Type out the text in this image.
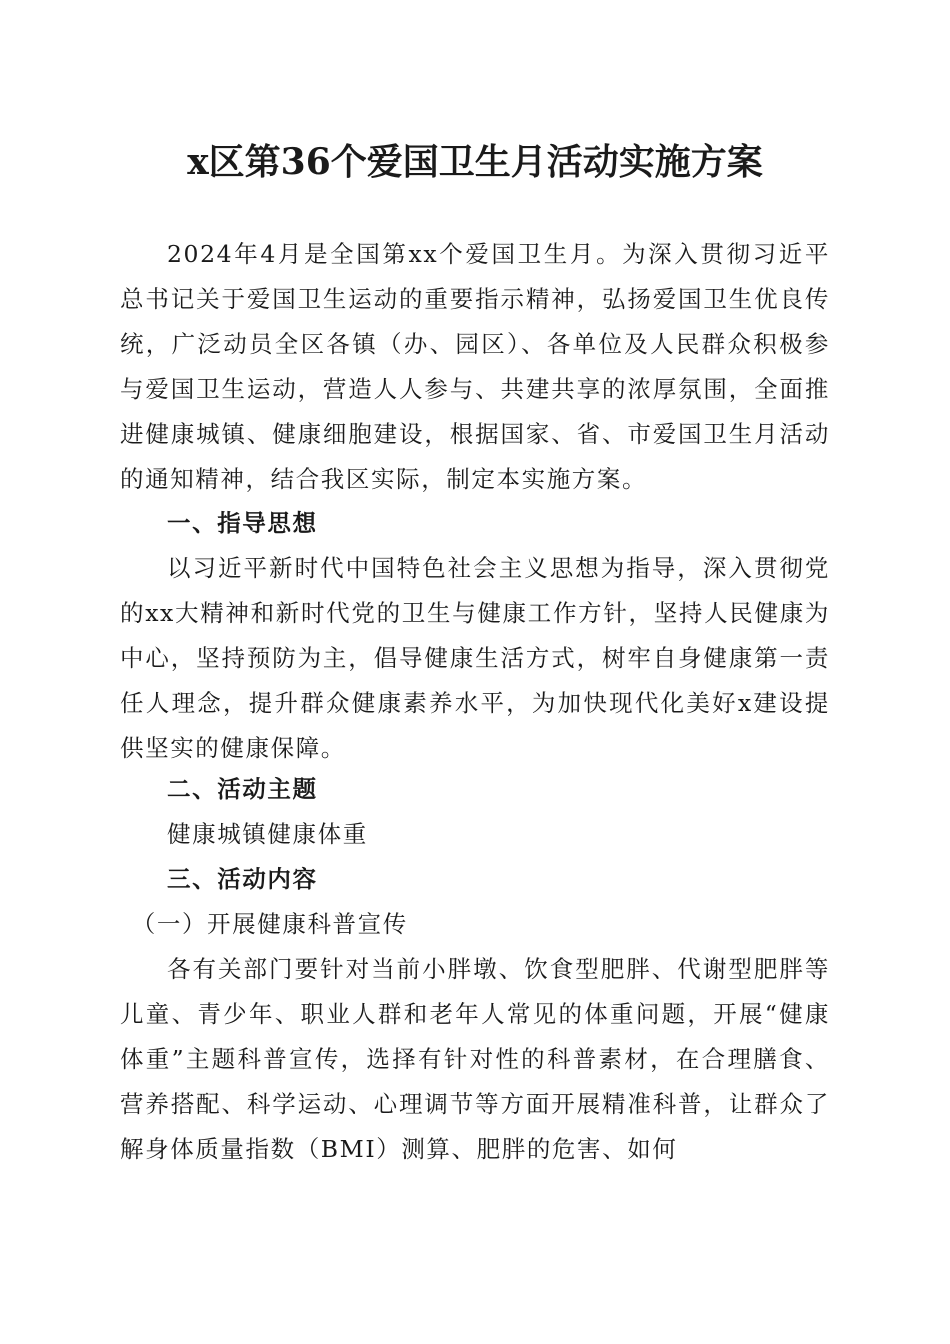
x区第36个爱国卫生月活动实施方案

2024年4月是全国第xx个爱国卫生月。为深入贯彻习近平总书记关于爱国卫生运动的重要指示精神，弘扬爱国卫生优良传统，广泛动员全区各镇（办、园区）、各单位及人民群众积极参与爱国卫生运动，营造人人参与、共建共享的浓厚氛围，全面推进健康城镇、健康细胞建设，根据国家、省、市爱国卫生月活动的通知精神，结合我区实际，制定本实施方案。

一、指导思想

以习近平新时代中国特色社会主义思想为指导，深入贯彻党的xx大精神和新时代党的卫生与健康工作方针，坚持人民健康为中心，坚持预防为主，倡导健康生活方式，树牢自身健康第一责任人理念，提升群众健康素养水平，为加快现代化美好x建设提供坚实的健康保障。

二、活动主题

健康城镇健康体重

三、活动内容

（一）开展健康科普宣传

各有关部门要针对当前小胖墩、饮食型肥胖、代谢型肥胖等儿童、青少年、职业人群和老年人常见的体重问题，开展“健康体重”主题科普宣传，选择有针对性的科普素材，在合理膳食、营养搭配、科学运动、心理调节等方面开展精准科普，让群众了解身体质量指数（BMI）测算、肥胖的危害、如何
